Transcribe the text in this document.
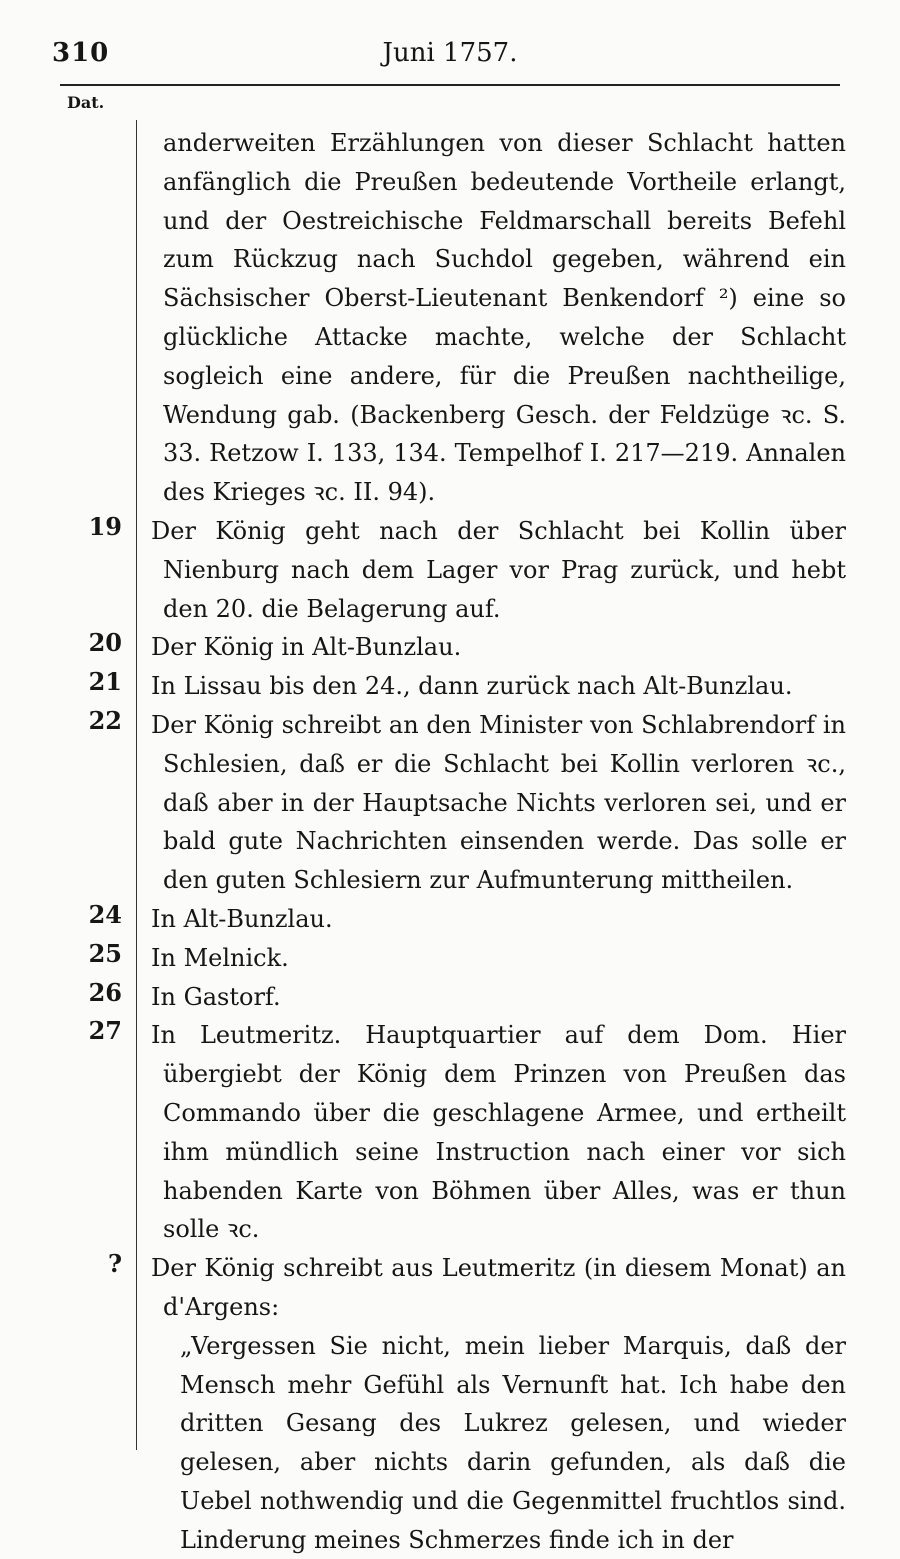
310	Juni 1757.
Dat.
anderweiten Erzählungen von dieser Schlacht hatten anfänglich die Preußen bedeutende Vortheile erlangt, und der Oestreichische Feldmarschall bereits Befehl zum Rückzug nach Suchdol gegeben, während ein Sächsischer Oberst-Lieutenant Benkendorf ²) eine so glückliche Attacke machte, welche der Schlacht sogleich eine andere, für die Preußen nachtheilige, Wendung gab. (Backenberg Gesch. der Feldzüge ꝛc. S. 33. Retzow I. 133, 134. Tempelhof I. 217—219. Annalen des Krieges ꝛc. II. 94).
19 Der König geht nach der Schlacht bei Kollin über Nienburg nach dem Lager vor Prag zurück, und hebt den 20. die Belagerung auf.
20 Der König in Alt-Bunzlau.
21 In Lissau bis den 24., dann zurück nach Alt-Bunzlau.
22 Der König schreibt an den Minister von Schlabrendorf in Schlesien, daß er die Schlacht bei Kollin verloren ꝛc., daß aber in der Hauptsache Nichts verloren sei, und er bald gute Nachrichten einsenden werde. Das solle er den guten Schlesiern zur Aufmunterung mittheilen.
24 In Alt-Bunzlau.
25 In Melnick.
26 In Gastorf.
27 In Leutmeritz. Hauptquartier auf dem Dom. Hier übergiebt der König dem Prinzen von Preußen das Commando über die geschlagene Armee, und ertheilt ihm mündlich seine Instruction nach einer vor sich habenden Karte von Böhmen über Alles, was er thun solle ꝛc.
? Der König schreibt aus Leutmeritz (in diesem Monat) an d'Argens:
„Vergessen Sie nicht, mein lieber Marquis, daß der Mensch mehr Gefühl als Vernunft hat. Ich habe den dritten Gesang des Lukrez gelesen, und wieder gelesen, aber nichts darin gefunden, als daß die Uebel nothwendig und die Gegenmittel fruchtlos sind. Linderung meines Schmerzes finde ich in der
